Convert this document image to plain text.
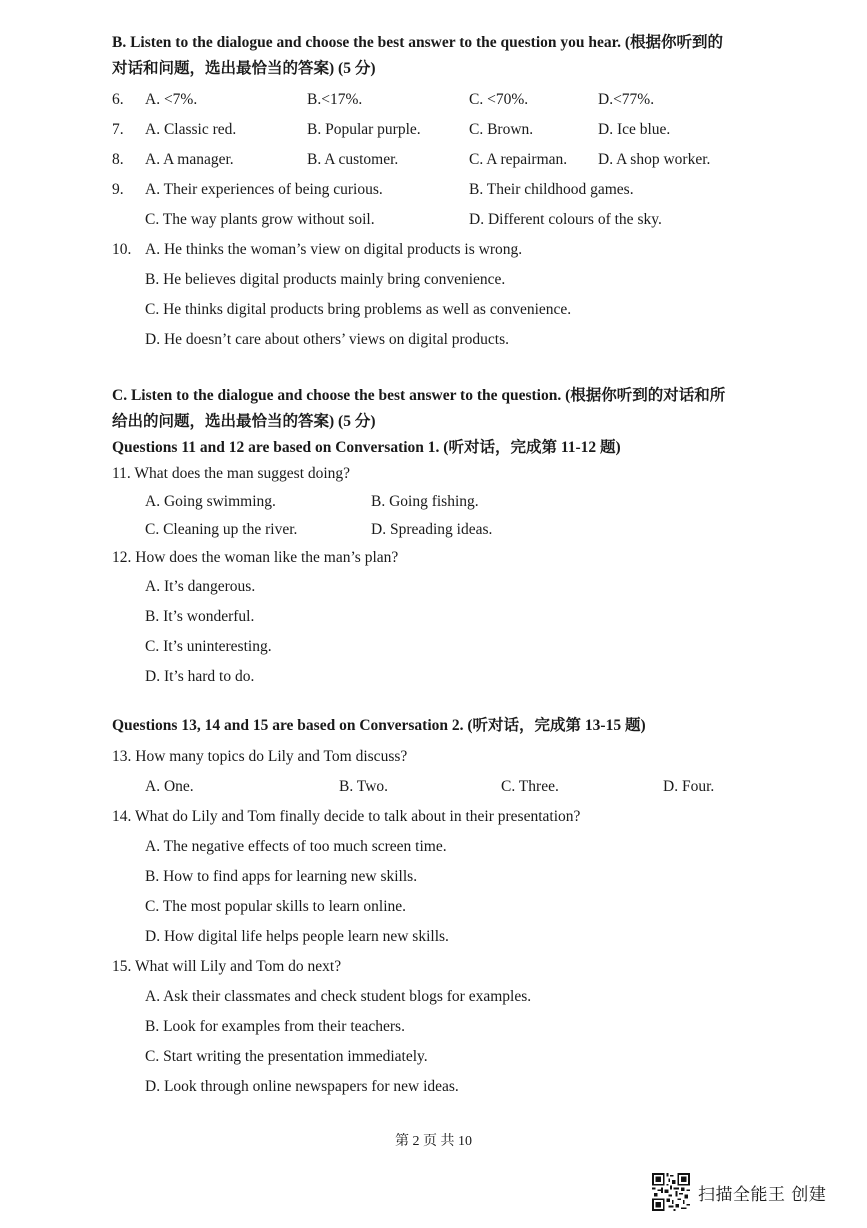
B. Listen to the dialogue and choose the best answer to the question you hear. (根据你听到的
对话和问题，选出最恰当的答案) (5 分)
6. A. <7%.	B.<17%.	C. <70%.	D.<77%.
7. A. Classic red.	B. Popular purple.	C. Brown.	D. Ice blue.
8. A. A manager.	B. A customer.	C. A repairman. D. A shop worker.
9. A. Their experiences of being curious.	B. Their childhood games.
C. The way plants grow without soil.	D. Different colours of the sky.
10. A. He thinks the woman’s view on digital products is wrong.
B. He believes digital products mainly bring convenience.
C. He thinks digital products bring problems as well as convenience.
D. He doesn’t care about others’ views on digital products.
C. Listen to the dialogue and choose the best answer to the question. (根据你听到的对话和所
给出的问题，选出最恰当的答案) (5 分)
Questions 11 and 12 are based on Conversation 1. (听对话，完成第 11-12 题)
11. What does the man suggest doing?
A. Going swimming.	B. Going fishing.
C. Cleaning up the river.	D. Spreading ideas.
12. How does the woman like the man’s plan?
A. It’s dangerous.
B. It’s wonderful.
C. It’s uninteresting.
D. It’s hard to do.
Questions 13, 14 and 15 are based on Conversation 2. (听对话，完成第 13-15 题)
13. How many topics do Lily and Tom discuss?
A. One.	B. Two.	C. Three.	D. Four.
14. What do Lily and Tom finally decide to talk about in their presentation?
A. The negative effects of too much screen time.
B. How to find apps for learning new skills.
C. The most popular skills to learn online.
D. How digital life helps people learn new skills.
15. What will Lily and Tom do next?
A. Ask their classmates and check student blogs for examples.
B. Look for examples from their teachers.
C. Start writing the presentation immediately.
D. Look through online newspapers for new ideas.
第 2 页 共 10
扫描全能王 创建
